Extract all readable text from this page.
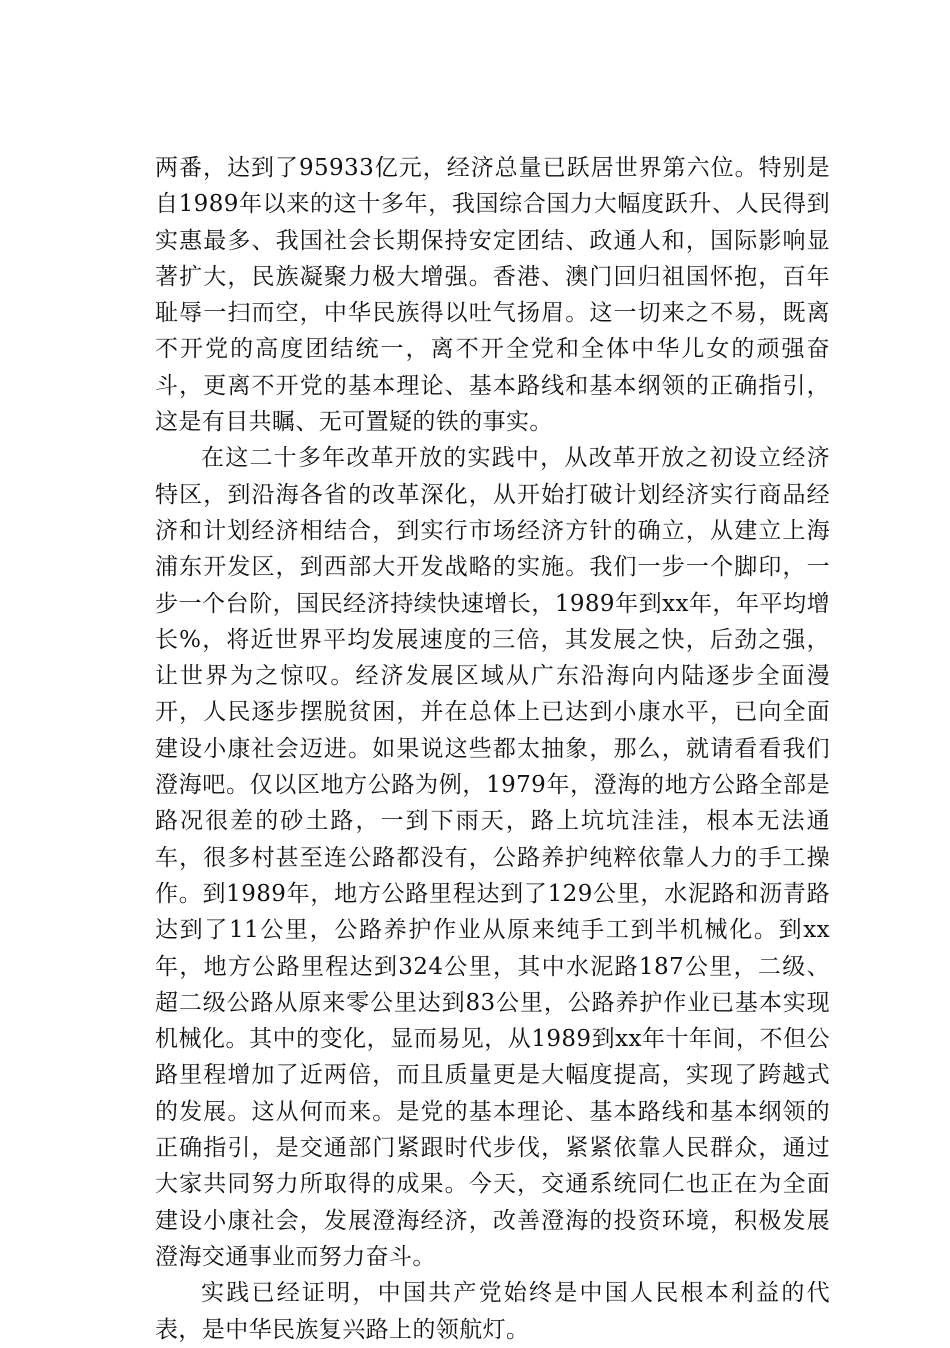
两番，达到了95933亿元，经济总量已跃居世界第六位。特别是自1989年以来的这十多年，我国综合国力大幅度跃升、人民得到实惠最多、我国社会长期保持安定团结、政通人和，国际影响显著扩大，民族凝聚力极大增强。香港、澳门回归祖国怀抱，百年耻辱一扫而空，中华民族得以吐气扬眉。这一切来之不易，既离不开党的高度团结统一，离不开全党和全体中华儿女的顽强奋斗，更离不开党的基本理论、基本路线和基本纲领的正确指引，这是有目共瞩、无可置疑的铁的事实。

在这二十多年改革开放的实践中，从改革开放之初设立经济特区，到沿海各省的改革深化，从开始打破计划经济实行商品经济和计划经济相结合，到实行市场经济方针的确立，从建立上海浦东开发区，到西部大开发战略的实施。我们一步一个脚印，一步一个台阶，国民经济持续快速增长，1989年到xx年，年平均增长%，将近世界平均发展速度的三倍，其发展之快，后劲之强，让世界为之惊叹。经济发展区域从广东沿海向内陆逐步全面漫开，人民逐步摆脱贫困，并在总体上已达到小康水平，已向全面建设小康社会迈进。如果说这些都太抽象，那么，就请看看我们澄海吧。仅以区地方公路为例，1979年，澄海的地方公路全部是路况很差的砂土路，一到下雨天，路上坑坑洼洼，根本无法通车，很多村甚至连公路都没有，公路养护纯粹依靠人力的手工操作。到1989年，地方公路里程达到了129公里，水泥路和沥青路达到了11公里，公路养护作业从原来纯手工到半机械化。到xx年，地方公路里程达到324公里，其中水泥路187公里，二级、超二级公路从原来零公里达到83公里，公路养护作业已基本实现机械化。其中的变化，显而易见，从1989到xx年十年间，不但公路里程增加了近两倍，而且质量更是大幅度提高，实现了跨越式的发展。这从何而来。是党的基本理论、基本路线和基本纲领的正确指引，是交通部门紧跟时代步伐，紧紧依靠人民群众，通过大家共同努力所取得的成果。今天，交通系统同仁也正在为全面建设小康社会，发展澄海经济，改善澄海的投资环境，积极发展澄海交通事业而努力奋斗。

实践已经证明，中国共产党始终是中国人民根本利益的代表，是中华民族复兴路上的领航灯。
